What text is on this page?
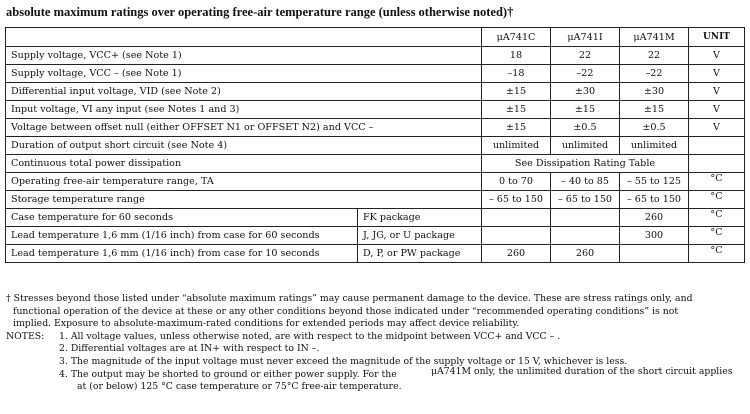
absolute maximum ratings over operating free-air temperature range (unless otherwise noted)†
		μA741C	μA741I	μA741M	UNIT
Supply voltage, VCC+ (see Note 1)		18	22	22	V
Supply voltage, VCC – (see Note 1)		–18	–22	–22	V
Differential input voltage, VID (see Note 2)		±15	±30	±30	V
Input voltage, VI any input (see Notes 1 and 3)		±15	±15	±15	V
Voltage between offset null (either OFFSET N1 or OFFSET N2) and VCC –		±15	±0.5	±0.5	V
Duration of output short circuit (see Note 4)		unlimited	unlimited	unlimited	
Continuous total power dissipation		See Dissipation Rating Table			
Operating free-air temperature range, TA		0 to 70	– 40 to 85	– 55 to 125	°C
Storage temperature range		– 65 to 150	– 65 to 150	– 65 to 150	°C
Case temperature for 60 seconds	FK package			260	°C
Lead temperature 1,6 mm (1/16 inch) from case for 60 seconds	J, JG, or U package			300	°C
Lead temperature 1,6 mm (1/16 inch) from case for 10 seconds	D, P, or PW package	260	260		°C

† Stresses beyond those listed under “absolute maximum ratings” may cause permanent damage to the device. These are stress ratings only, and

functional operation of the device at these or any other conditions beyond those indicated under “recommended operating conditions” is not

implied. Exposure to absolute-maximum-rated conditions for extended periods may affect device reliability.

NOTES: 1. All voltage values, unless otherwise noted, are with respect to the midpoint between VCC+ and VCC – .
2. Differential voltages are at IN+ with respect to IN –.
3. The magnitude of the input voltage must never exceed the magnitude of the supply voltage or 15 V, whichever is less.
4. The output may be shorted to ground or either power supply. For the	μA741M only, the unlimited duration of the short circuit applies
at (or below) 125 °C case temperature or 75°C free-air temperature.
